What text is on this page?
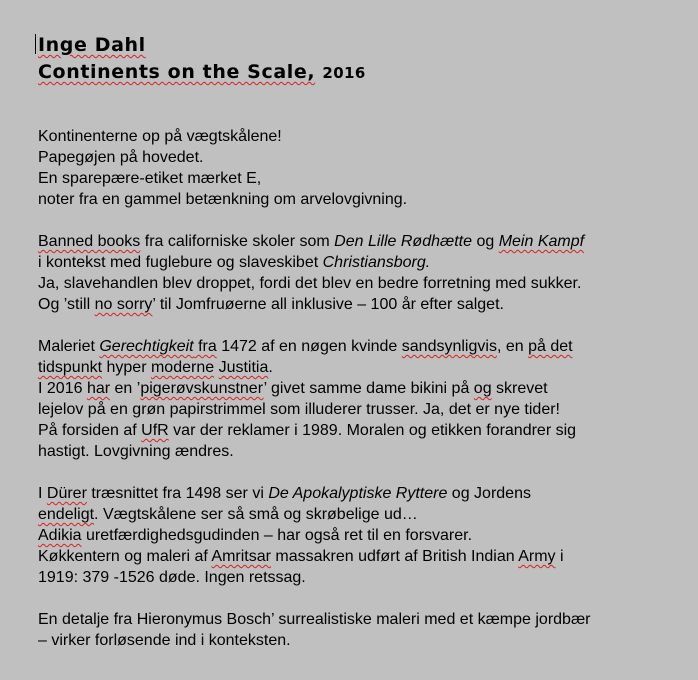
Inge Dahl
Continents on the Scale, 2016
Kontinenterne op på vægtskålene!
Papegøjen på hovedet.
En sparepære-etiket mærket E,
noter fra en gammel betænkning om arvelovgivning.
Banned books fra californiske skoler som Den Lille Rødhætte og Mein Kampf
i kontekst med fuglebure og slaveskibet Christiansborg.
Ja, slavehandlen blev droppet, fordi det blev en bedre forretning med sukker.
Og ’still no sorry’ til Jomfruøerne all inklusive – 100 år efter salget.
Maleriet Gerechtigkeit fra 1472 af en nøgen kvinde sandsynligvis, en på det
tidspunkt hyper moderne Justitia.
I 2016 har en ’pigerøvskunstner’ givet samme dame bikini på og skrevet
lejelov på en grøn papirstrimmel som illuderer trusser. Ja, det er nye tider!
På forsiden af UfR var der reklamer i 1989. Moralen og etikken forandrer sig
hastigt. Lovgivning ændres.
I Dürer træsnittet fra 1498 ser vi De Apokalyptiske Ryttere og Jordens
endeligt. Vægtskålene ser så små og skrøbelige ud…
Adikia uretfærdighedsgudinden – har også ret til en forsvarer.
Køkkentern og maleri af Amritsar massakren udført af British Indian Army i
1919: 379 -1526 døde. Ingen retssag.
En detalje fra Hieronymus Bosch’ surrealistiske maleri med et kæmpe jordbær
– virker forløsende ind i konteksten.
